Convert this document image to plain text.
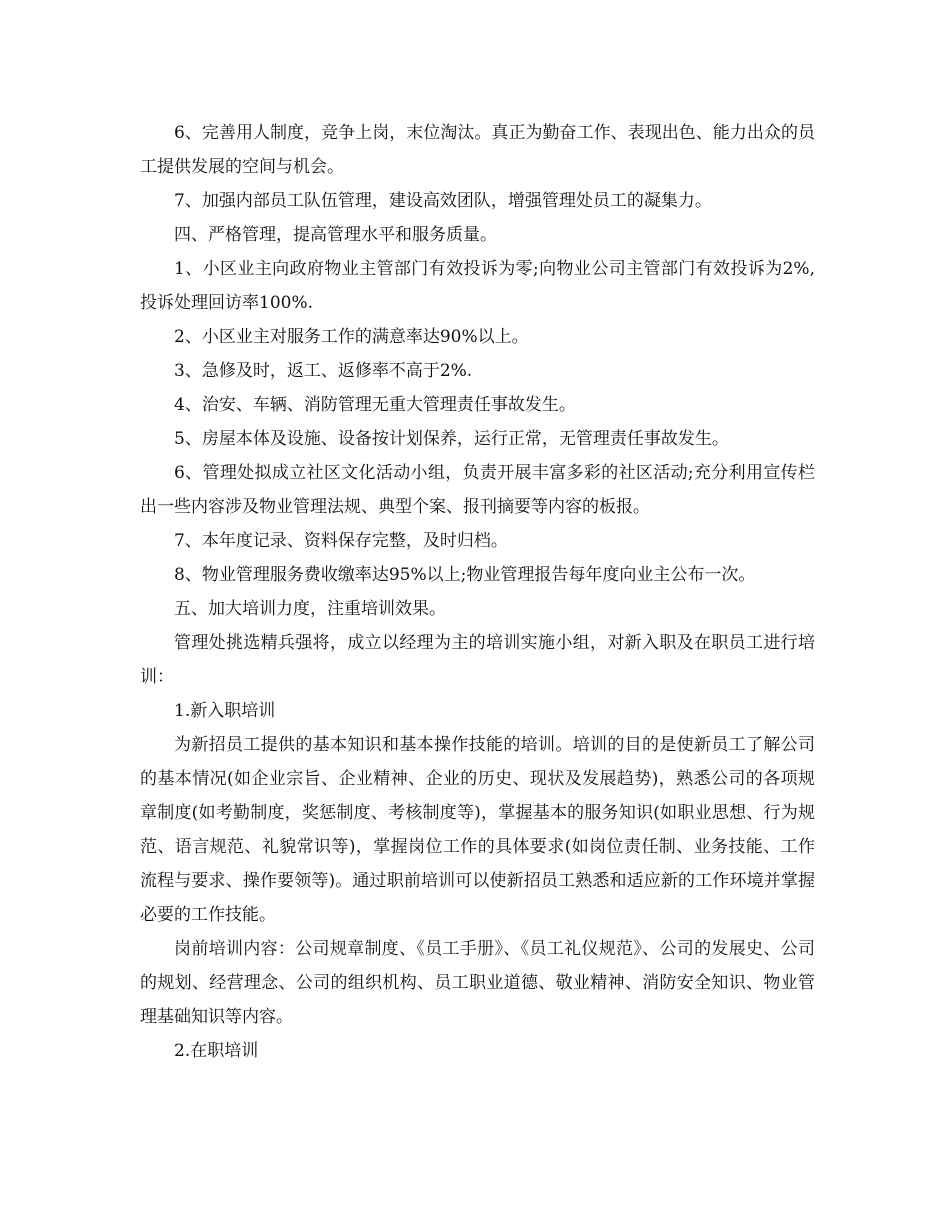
6、完善用人制度，竞争上岗，末位淘汰。真正为勤奋工作、表现出色、能力出众的员工提供发展的空间与机会。

7、加强内部员工队伍管理，建设高效团队，增强管理处员工的凝集力。

四、严格管理，提高管理水平和服务质量。

1、小区业主向政府物业主管部门有效投诉为零;向物业公司主管部门有效投诉为2%,投诉处理回访率100%.

2、小区业主对服务工作的满意率达90%以上。

3、急修及时，返工、返修率不高于2%.

4、治安、车辆、消防管理无重大管理责任事故发生。

5、房屋本体及设施、设备按计划保养，运行正常，无管理责任事故发生。

6、管理处拟成立社区文化活动小组，负责开展丰富多彩的社区活动;充分利用宣传栏出一些内容涉及物业管理法规、典型个案、报刊摘要等内容的板报。

7、本年度记录、资料保存完整，及时归档。

8、物业管理服务费收缴率达95%以上;物业管理报告每年度向业主公布一次。

五、加大培训力度，注重培训效果。

管理处挑选精兵强将，成立以经理为主的培训实施小组，对新入职及在职员工进行培训：

1.新入职培训

为新招员工提供的基本知识和基本操作技能的培训。培训的目的是使新员工了解公司的基本情况(如企业宗旨、企业精神、企业的历史、现状及发展趋势)，熟悉公司的各项规章制度(如考勤制度，奖惩制度、考核制度等)，掌握基本的服务知识(如职业思想、行为规范、语言规范、礼貌常识等)，掌握岗位工作的具体要求(如岗位责任制、业务技能、工作流程与要求、操作要领等)。通过职前培训可以使新招员工熟悉和适应新的工作环境并掌握必要的工作技能。

岗前培训内容：公司规章制度、《员工手册》、《员工礼仪规范》、公司的发展史、公司的规划、经营理念、公司的组织机构、员工职业道德、敬业精神、消防安全知识、物业管理基础知识等内容。

2.在职培训
